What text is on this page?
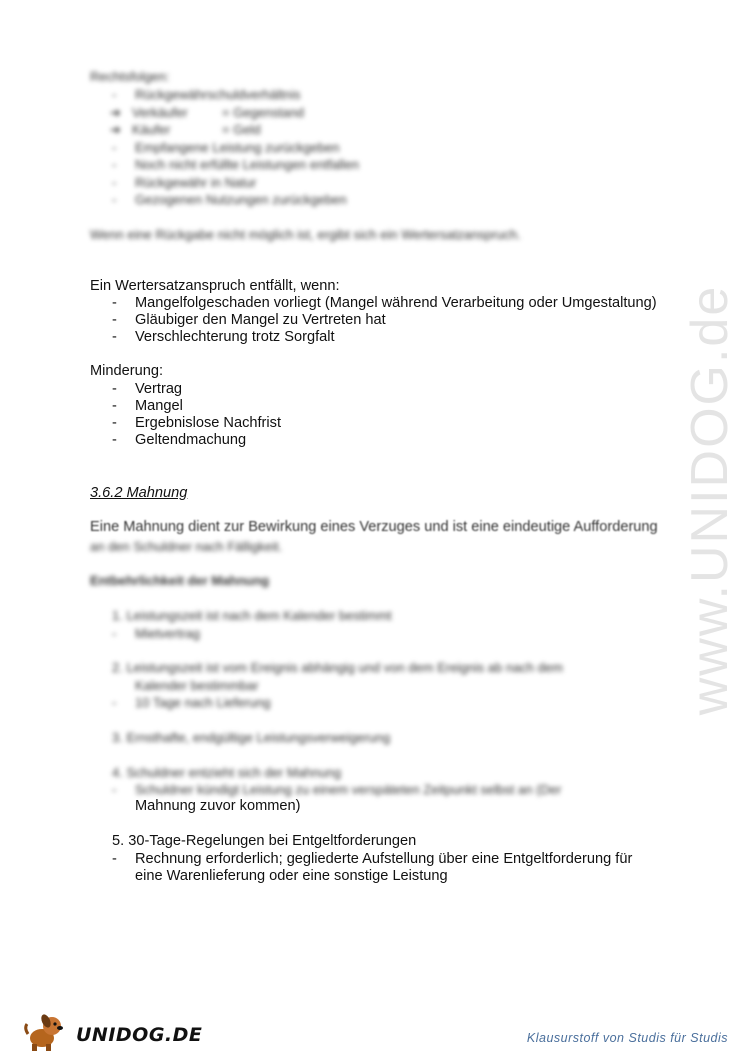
www.UNIDOG.de
Rechtsfolgen:
- Rückgewährschuldverhältnis
➔ Verkäufer	= Gegenstand
➔ Käufer	= Geld
- Empfangene Leistung zurückgeben
- Noch nicht erfüllte Leistungen entfallen
- Rückgewähr in Natur
- Gezogenen Nutzungen zurückgeben
Wenn eine Rückgabe nicht möglich ist, ergibt sich ein Wertersatzanspruch.
Ein Wertersatzanspruch entfällt, wenn:
- Mangelfolgeschaden vorliegt (Mangel während Verarbeitung oder Umgestaltung)
- Gläubiger den Mangel zu Vertreten hat
- Verschlechterung trotz Sorgfalt
Minderung:
- Vertrag
- Mangel
- Ergebnislose Nachfrist
- Geltendmachung
3.6.2 Mahnung
Eine Mahnung dient zur Bewirkung eines Verzuges und ist eine eindeutige Aufforderung
an den Schuldner nach Fälligkeit.
Entbehrlichkeit der Mahnung
1. Leistungszeit ist nach dem Kalender bestimmt
- Mietvertrag
2. Leistungszeit ist vom Ereignis abhängig und von dem Ereignis ab nach dem
Kalender bestimmbar
- 10 Tage nach Lieferung
3. Ernsthafte, endgültige Leistungsverweigerung
4. Schuldner entzieht sich der Mahnung
- Schuldner kündigt Leistung zu einem verspäteten Zeitpunkt selbst an (Der
Mahnung zuvor kommen)
5. 30-Tage-Regelungen bei Entgeltforderungen
- Rechnung erforderlich; gegliederte Aufstellung über eine Entgeltforderung für
eine Warenlieferung oder eine sonstige Leistung
UNIDOG.DE	Klausurstoff von Studis für Studis
